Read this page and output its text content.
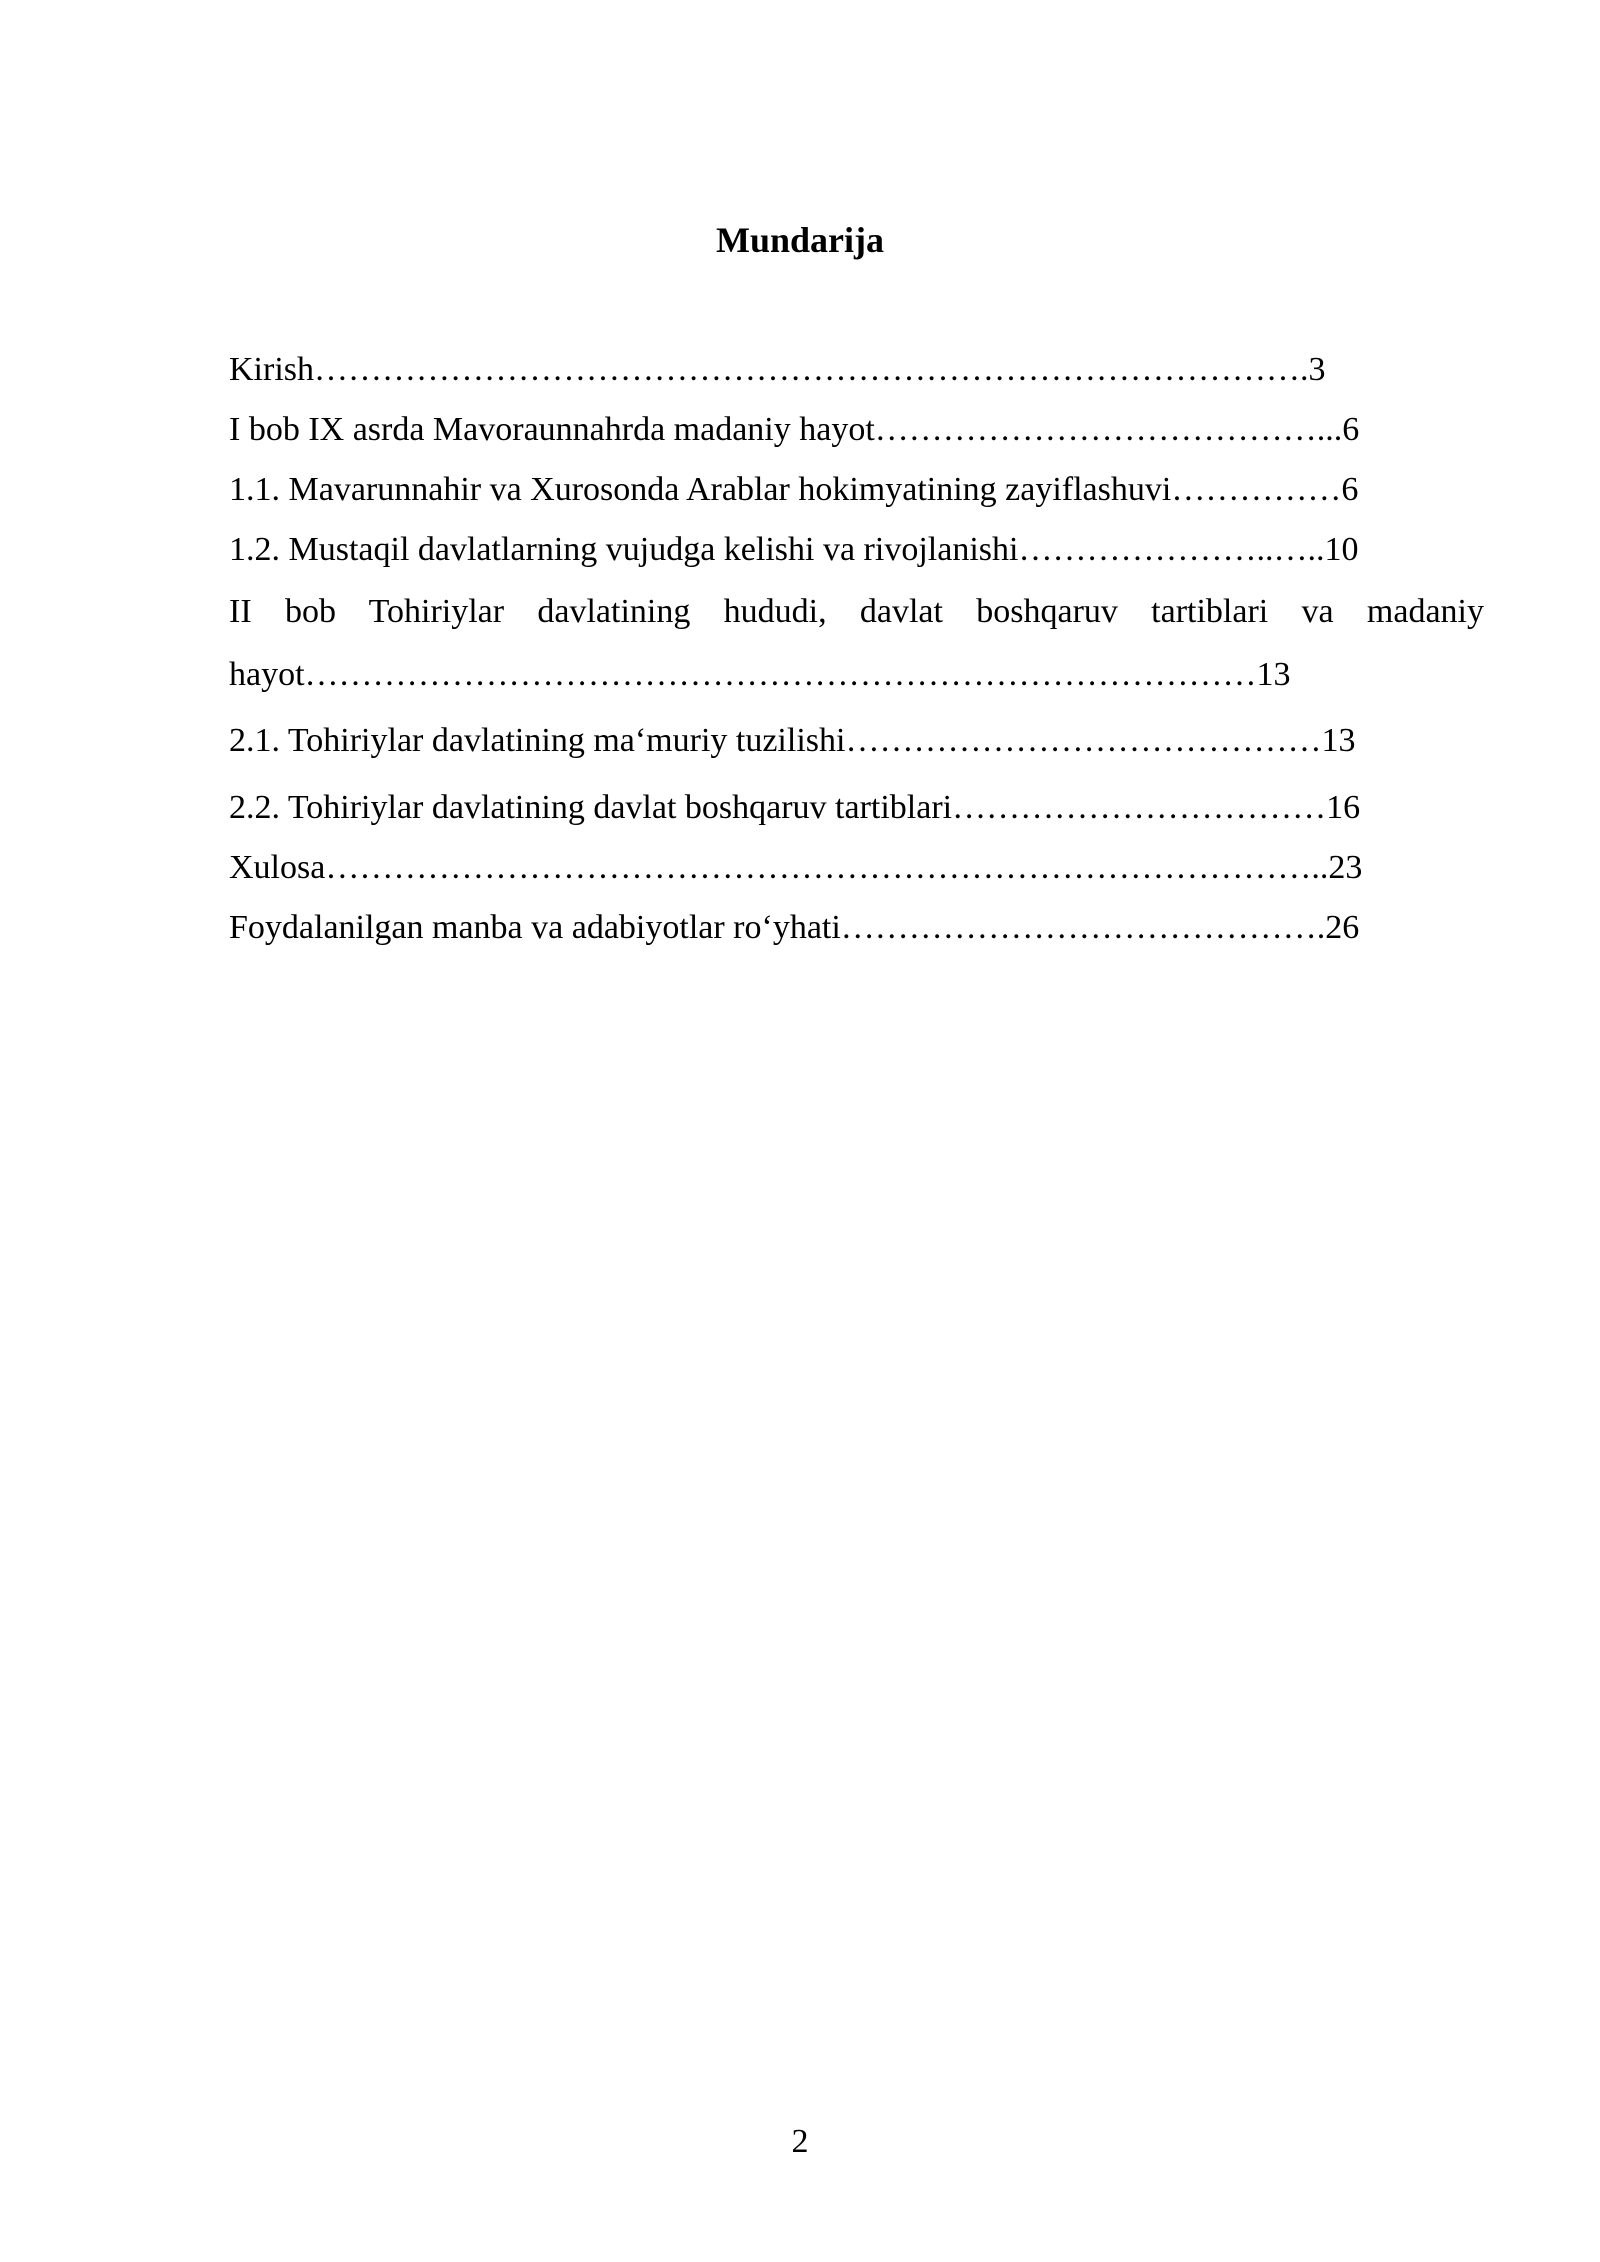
Mundarija
Kirish…………………………………………………………………………….3
I bob IX asrda Mavoraunnahrda madaniy hayot…………………………………...6
1.1. Mavarunnahir va Xurosonda Arablar hokimyatining zayiflashuvi……………6
1.2. Mustaqil davlatlarning vujudga kelishi va rivojlanishi…………………..…..10
II bob Tohiriylar davlatining hududi, davlat boshqaruv tartiblari va madaniy
hayot…………………………………………………………………………13
2.1. Tohiriylar davlatining ma‘muriy tuzilishi……………………………………13
2.2. Tohiriylar davlatining davlat boshqaruv tartiblari……………………………16
Xulosa……………………………………………………………………………..23
Foydalanilgan manba va adabiyotlar ro‘yhati…………………………………….26
2
